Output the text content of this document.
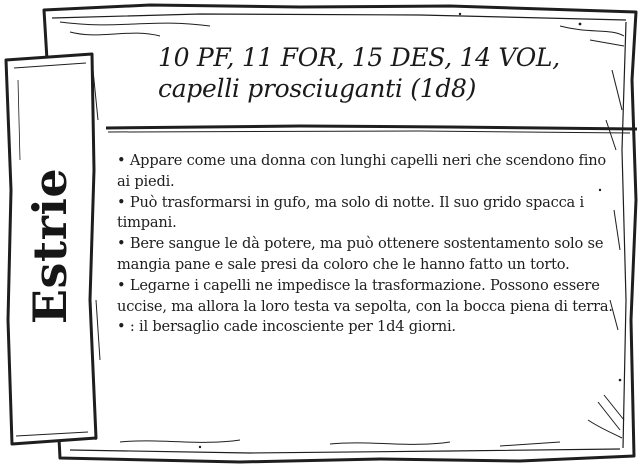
Estrie
10 PF, 11 FOR, 15 DES, 14 VOL,
capelli prosciuganti (1d8)

• Appare come una donna con lunghi capelli neri che scendono fino ai piedi.

• Può trasformarsi in gufo, ma solo di notte. Il suo grido spacca i timpani.

• Bere sangue le dà potere, ma può ottenere sostentamento solo se mangia pane e sale presi da coloro che le hanno fatto un torto.

• Legarne i capelli ne impedisce la trasformazione. Possono essere uccise, ma allora la loro testa va sepolta, con la bocca piena di terra.

• : il bersaglio cade incosciente per 1d4 giorni.
